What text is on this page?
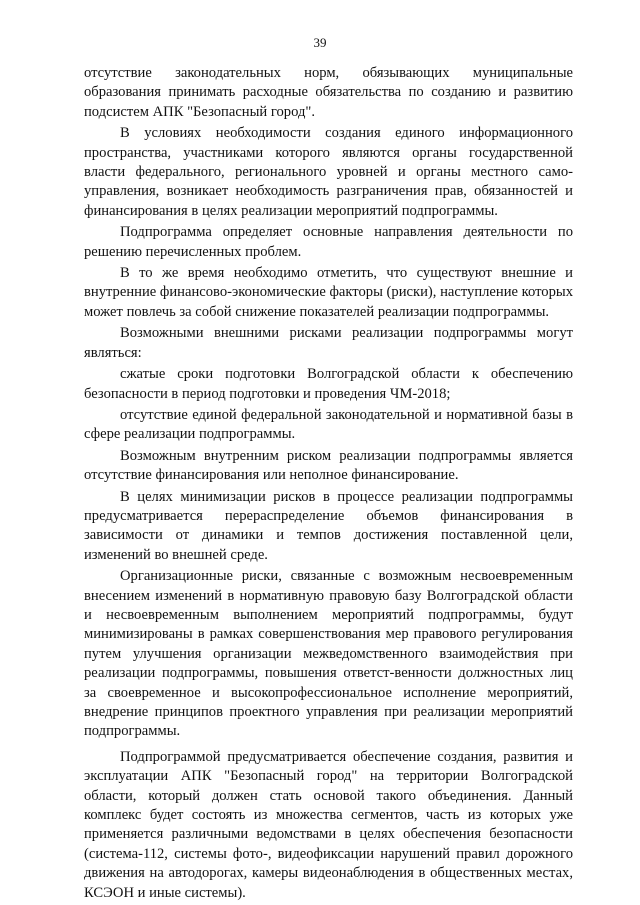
39

отсутствие законодательных норм, обязывающих муниципальные образования принимать расходные обязательства по созданию и развитию подсистем АПК "Безопасный город".

В условиях необходимости создания единого информационного пространства, участниками которого являются органы государственной власти федерального, регионального уровней и органы местного само-управления, возникает необходимость разграничения прав, обязанностей и финансирования в целях реализации мероприятий подпрограммы.

Подпрограмма определяет основные направления деятельности по решению перечисленных проблем.

В то же время необходимо отметить, что существуют внешние и внутренние финансово-экономические факторы (риски), наступление которых может повлечь за собой снижение показателей реализации подпрограммы.

Возможными внешними рисками реализации подпрограммы могут являться:

сжатые сроки подготовки Волгоградской области к обеспечению безопасности в период подготовки и проведения ЧМ-2018;

отсутствие единой федеральной законодательной и нормативной базы в сфере реализации подпрограммы.

Возможным внутренним риском реализации подпрограммы является отсутствие финансирования или неполное финансирование.

В целях минимизации рисков в процессе реализации подпрограммы предусматривается перераспределение объемов финансирования в зависимости от динамики и темпов достижения поставленной цели, изменений во внешней среде.

Организационные риски, связанные с возможным несвоевременным внесением изменений в нормативную правовую базу Волгоградской области и несвоевременным выполнением мероприятий подпрограммы, будут минимизированы в рамках совершенствования мер правового регулирования путем улучшения организации межведомственного взаимодействия при реализации подпрограммы, повышения ответст-венности должностных лиц за своевременное и высокопрофессиональное исполнение мероприятий, внедрение принципов проектного управления при реализации мероприятий подпрограммы.

Подпрограммой предусматривается обеспечение создания, развития и эксплуатации АПК "Безопасный город" на территории Волгоградской области, который должен стать основой такого объединения. Данный комплекс будет состоять из множества сегментов, часть из которых уже применяется различными ведомствами в целях обеспечения безопасности (система-112, системы фото-, видеофиксации нарушений правил дорожного движения на автодорогах, камеры видеонаблюдения в общественных местах, КСЭОН и иные системы).
